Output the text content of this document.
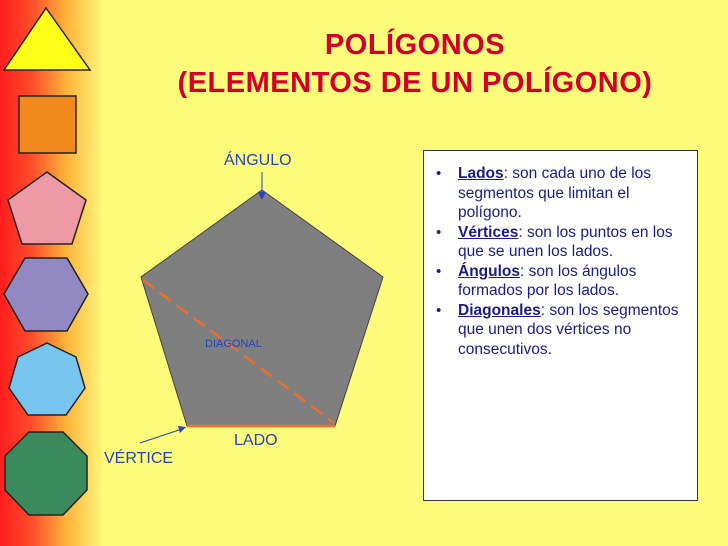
POLÍGONOS
(ELEMENTOS DE UN POLÍGONO)
ÁNGULO
DIAGONAL
LADO
VÉRTICE
• Lados: son cada uno de los segmentos que limitan el polígono.
• Vértices: son los puntos en los que se unen los lados.
• Ángulos: son los ángulos formados por los lados.
• Diagonales: son los segmentos que unen dos vértices no consecutivos.
